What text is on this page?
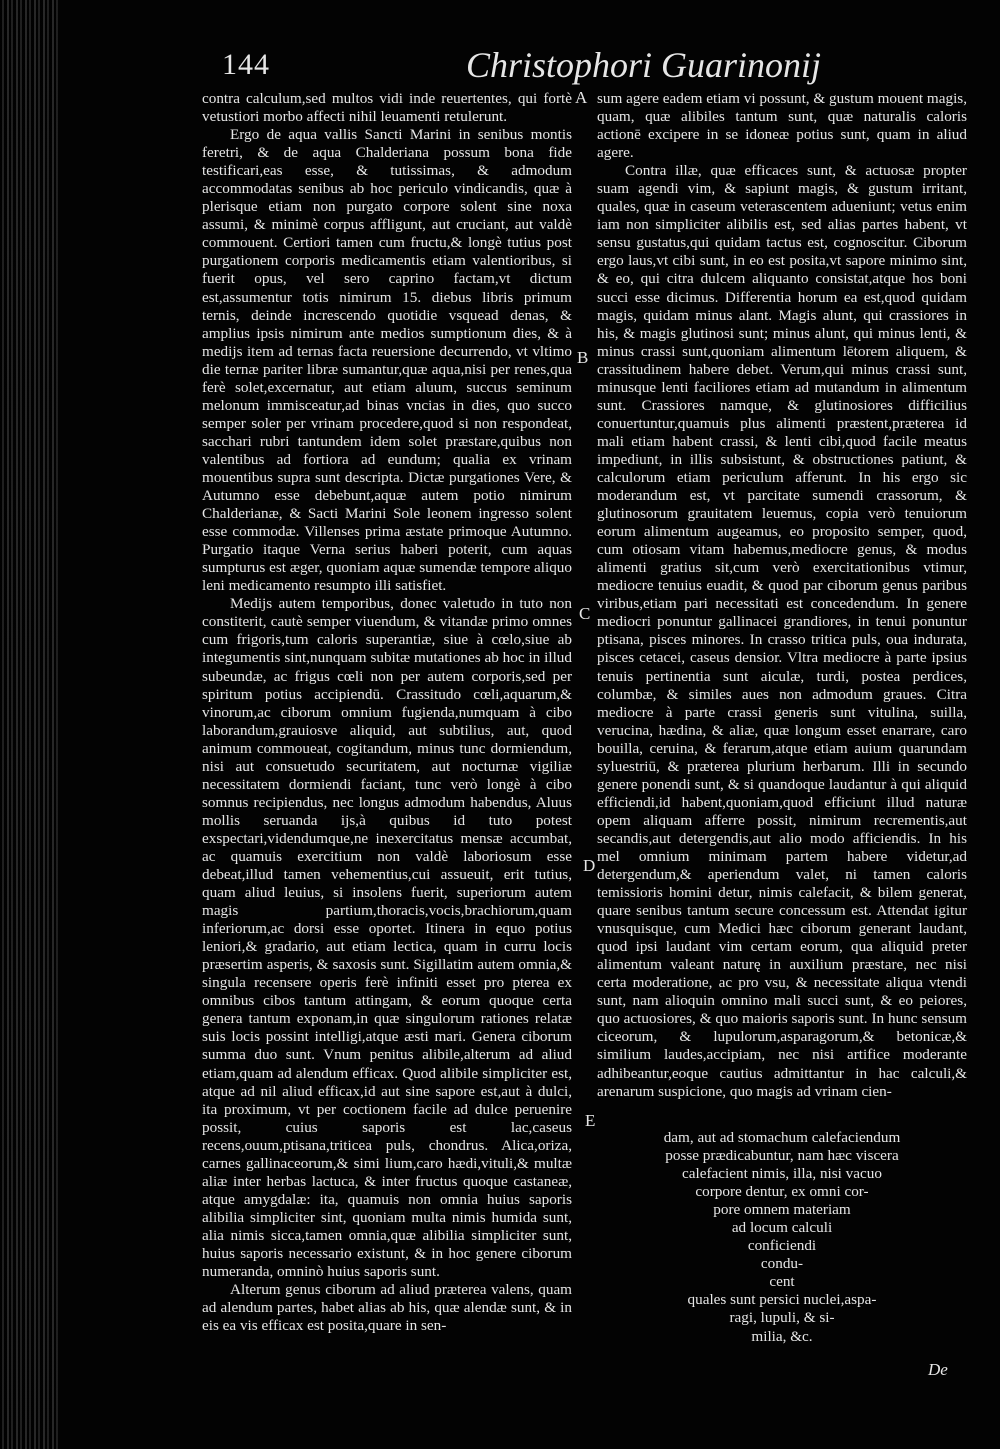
144	Christophori Guarinonij

contra calculum,sed multos vidi inde reuertentes, qui fortè vetustiori morbo affecti nihil leuamenti retulerunt.

Ergo de aqua vallis Sancti Marini in senibus montis feretri, & de aqua Chalderiana possum bona fide testificari,eas esse, & tutissimas, & admodum accommodatas senibus ab hoc periculo vindicandis, quæ à plerisque etiam non purgato corpore solent sine noxa assumi, & minimè corpus affligunt, aut cruciant, aut valdè commouent. Certiori tamen cum fructu,& longè tutius post purgationem corporis medicamentis etiam valentioribus, si fuerit opus, vel sero caprino factam,vt dictum est,assumentur totis nimirum 15. diebus libris primum ternis, deinde increscendo quotidie vsquead denas, & amplius ipsis nimirum ante medios sumptionum dies, & à medijs item ad ternas facta reuersione decurrendo, vt vltimo die ternæ pariter libræ sumantur,quæ aqua,nisi per renes,qua ferè solet,excernatur, aut etiam aluum, succus seminum melonum immisceatur,ad binas vncias in dies, quo succo semper soler per vrinam procedere,quod si non respondeat, sacchari rubri tantundem idem solet præstare,quibus non valentibus ad fortiora ad eundum; qualia ex vrinam mouentibus supra sunt descripta. Dictæ purgationes Vere, & Autumno esse debebunt,aquæ autem potio nimirum Chalderianæ, & Sacti Marini Sole leonem ingresso solent esse commodæ. Villenses prima æstate primoque Autumno. Purgatio itaque Verna serius haberi poterit, cum aquas sumpturus est æger, quoniam aquæ sumendæ tempore aliquo leni medicamento resumpto illi satisfiet.

Medijs autem temporibus, donec valetudo in tuto non constiterit, cautè semper viuendum, & vitandæ primo omnes cum frigoris,tum caloris superantiæ, siue à cœlo,siue ab integumentis sint,nunquam subitæ mutationes ab hoc in illud subeundæ, ac frigus cœli non per autem corporis,sed per spiritum potius accipiendū. Crassitudo cœli,aquarum,& vinorum,ac ciborum omnium fugienda,numquam à cibo laborandum,grauiosve aliquid, aut subtilius, aut, quod animum commoueat, cogitandum, minus tunc dormiendum, nisi aut consuetudo securitatem, aut nocturnæ vigiliæ necessitatem dormiendi faciant, tunc verò longè à cibo somnus recipiendus, nec longus admodum habendus, Aluus mollis seruanda ijs,à quibus id tuto potest exspectari,videndumque,ne inexercitatus mensæ accumbat, ac quamuis exercitium non valdè laboriosum esse debeat,illud tamen vehementius,cui assueuit, erit tutius, quam aliud leuius, si insolens fuerit, superiorum autem magis partium,thoracis,vocis,brachiorum,quam inferiorum,ac dorsi esse oportet. Itinera in equo potius leniori,& gradario, aut etiam lectica, quam in curru locis præsertim asperis, & saxosis sunt. Sigillatim autem omnia,& singula recensere operis ferè infiniti esset pro pterea ex omnibus cibos tantum attingam, & eorum quoque certa genera tantum exponam,in quæ singulorum rationes relatæ suis locis possint intelligi,atque æsti mari. Genera ciborum summa duo sunt. Vnum penitus alibile,alterum ad aliud etiam,quam ad alendum efficax. Quod alibile simpliciter est, atque ad nil aliud efficax,id aut sine sapore est,aut à dulci, ita proximum, vt per coctionem facile ad dulce peruenire possit, cuius saporis est lac,caseus recens,ouum,ptisana,triticea puls, chondrus. Alica,oriza, carnes gallinaceorum,& simi lium,caro hædi,vituli,& multæ aliæ inter herbas lactuca, & inter fructus quoque castaneæ, atque amygdalæ: ita, quamuis non omnia huius saporis alibilia simpliciter sint, quoniam multa nimis humida sunt, alia nimis sicca,tamen omnia,quæ alibilia simpliciter sunt, huius saporis necessario existunt, & in hoc genere ciborum numeranda, omninò huius saporis sunt.

Alterum genus ciborum ad aliud præterea valens, quam ad alendum partes, habet alias ab his, quæ alendæ sunt, & in eis ea vis efficax est posita,quare in sen-

A
B
C
D
E

sum agere eadem etiam vi possunt, & gustum mouent magis, quam, quæ alibiles tantum sunt, quæ naturalis caloris actionē excipere in se idoneæ potius sunt, quam in aliud agere.

Contra illæ, quæ efficaces sunt, & actuosæ propter suam agendi vim, & sapiunt magis, & gustum irritant, quales, quæ in caseum veterascentem adueniunt; vetus enim iam non simpliciter alibilis est, sed alias partes habent, vt sensu gustatus,qui quidam tactus est, cognoscitur. Ciborum ergo laus,vt cibi sunt, in eo est posita,vt sapore minimo sint, & eo, qui citra dulcem aliquanto consistat,atque hos boni succi esse dicimus. Differentia horum ea est,quod quidam magis, quidam minus alant. Magis alunt, qui crassiores in his, & magis glutinosi sunt; minus alunt, qui minus lenti, & minus crassi sunt,quoniam alimentum lētorem aliquem, & crassitudinem habere debet. Verum,qui minus crassi sunt, minusque lenti faciliores etiam ad mutandum in alimentum sunt. Crassiores namque, & glutinosiores difficilius conuertuntur,quamuis plus alimenti præstent,præterea id mali etiam habent crassi, & lenti cibi,quod facile meatus impediunt, in illis subsistunt, & obstructiones patiunt, & calculorum etiam periculum afferunt. In his ergo sic moderandum est, vt parcitate sumendi crassorum, & glutinosorum grauitatem leuemus, copia verò tenuiorum eorum alimentum augeamus, eo proposito semper, quod, cum otiosam vitam habemus,mediocre genus, & modus alimenti gratius sit,cum verò exercitationibus vtimur, mediocre tenuius euadit, & quod par ciborum genus paribus viribus,etiam pari necessitati est concedendum. In genere mediocri ponuntur gallinacei grandiores, in tenui ponuntur ptisana, pisces minores. In crasso tritica puls, oua indurata, pisces cetacei, caseus densior. Vltra mediocre à parte ipsius tenuis pertinentia sunt aiculæ, turdi, postea perdices, columbæ, & similes aues non admodum graues. Citra mediocre à parte crassi generis sunt vitulina, suilla, verucina, hædina, & aliæ, quæ longum esset enarrare, caro bouilla, ceruina, & ferarum,atque etiam auium quarundam syluestriū, & præterea plurium herbarum. Illi in secundo genere ponendi sunt, & si quandoque laudantur à qui aliquid efficiendi,id habent,quoniam,quod efficiunt illud naturæ opem aliquam afferre possit, nimirum recrementis,aut secandis,aut detergendis,aut alio modo afficiendis. In his mel omnium minimam partem habere videtur,ad detergendum,& aperiendum valet, ni tamen caloris temissioris homini detur, nimis calefacit, & bilem generat, quare senibus tantum secure concessum est. Attendat igitur vnusquisque, cum Medici hæc ciborum generant laudant, quod ipsi laudant vim certam eorum, qua aliquid preter alimentum valeant naturę in auxilium præstare, nec nisi certa moderatione, ac pro vsu, & necessitate aliqua vtendi sunt, nam alioquin omnino mali succi sunt, & eo peiores, quo actuosiores, & quo maioris saporis sunt. In hunc sensum ciceorum, & lupulorum,asparagorum,& betonicæ,& similium laudes,accipiam, nec nisi artifice moderante adhibeantur,eoque cautius admittantur in hac calculi,& arenarum suspicione, quo magis ad vrinam cien-

dam, aut ad stomachum calefaciendum
posse prædicabuntur, nam hæc viscera
calefacient nimis, illa, nisi vacuo
corpore dentur, ex omni cor-
pore omnem materiam
ad locum calculi
conficiendi
condu-
cent
quales sunt persici nuclei,aspa-
ragi, lupuli, & si-
milia, &c.
De
